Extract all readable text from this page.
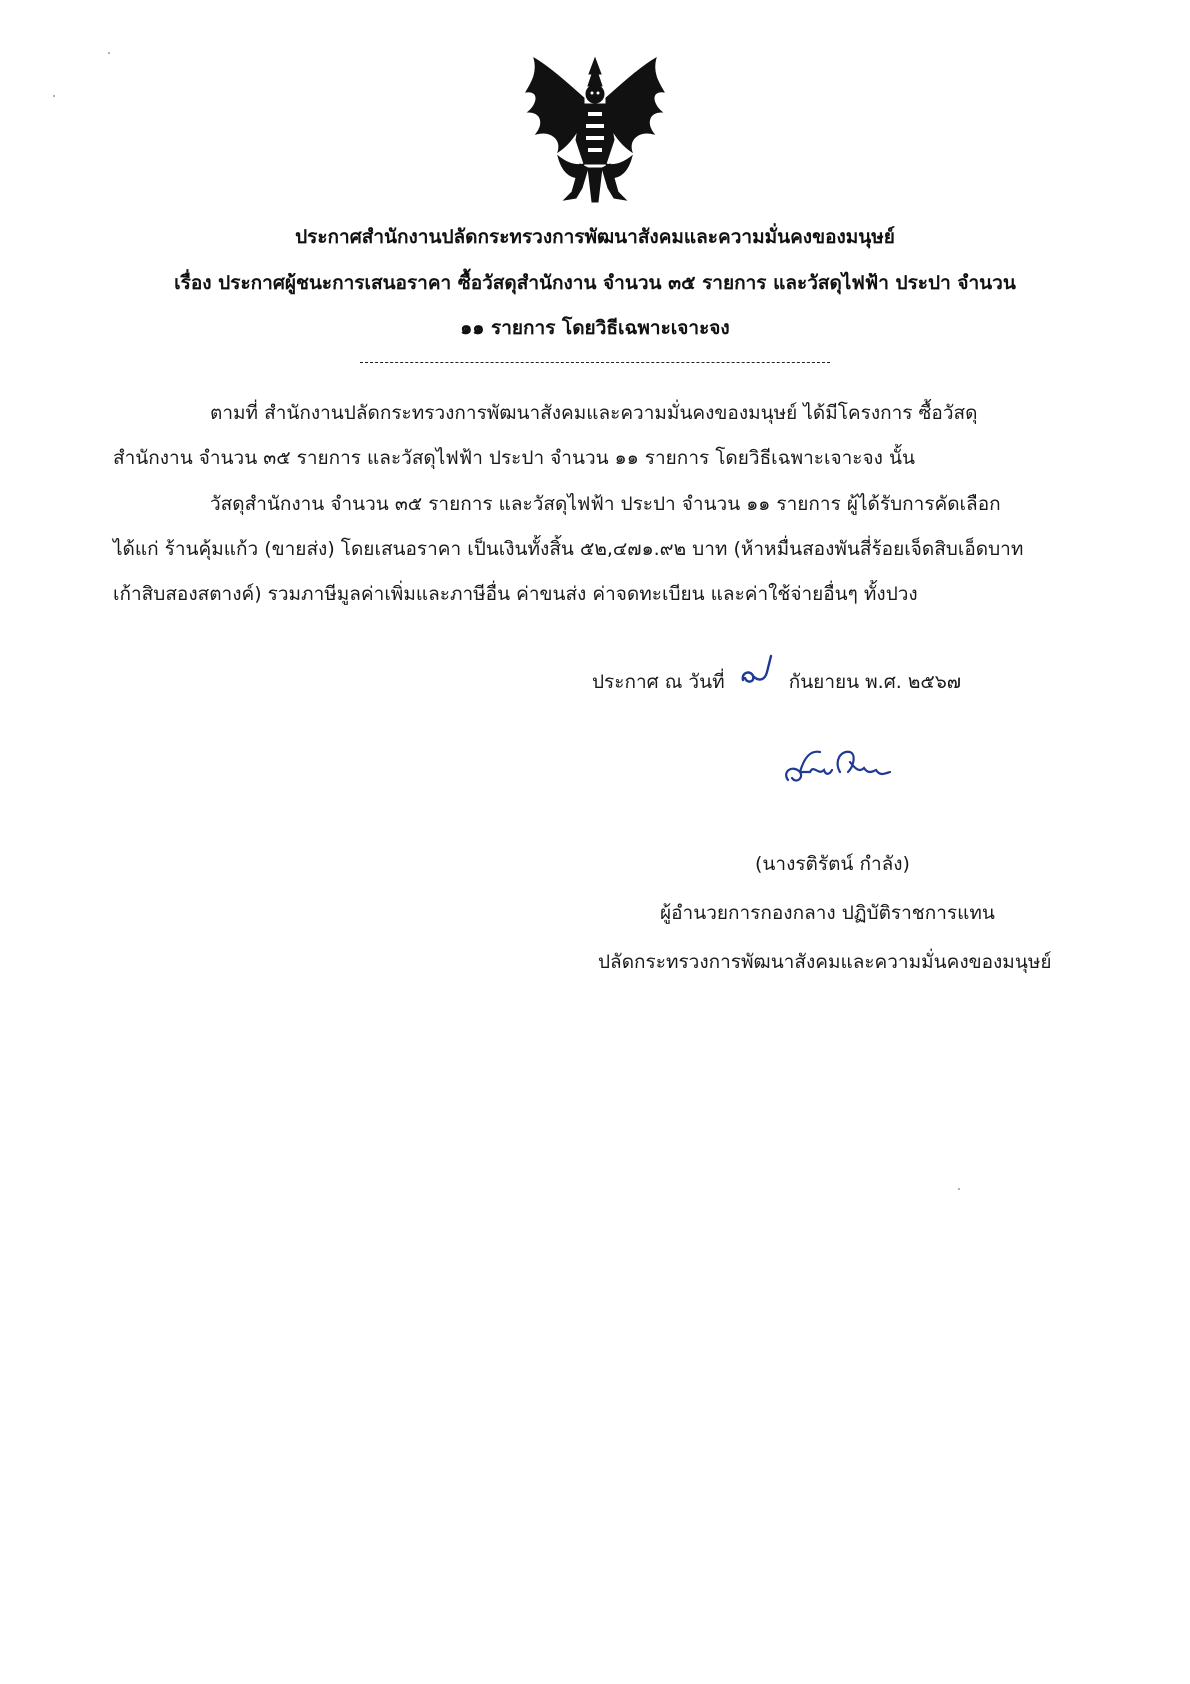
ประกาศสำนักงานปลัดกระทรวงการพัฒนาสังคมและความมั่นคงของมนุษย์
เรื่อง ประกาศผู้ชนะการเสนอราคา ซื้อวัสดุสำนักงาน จำนวน ๓๕ รายการ และวัสดุไฟฟ้า ประปา จำนวน
๑๑ รายการ โดยวิธีเฉพาะเจาะจง
ตามที่ สำนักงานปลัดกระทรวงการพัฒนาสังคมและความมั่นคงของมนุษย์ ได้มีโครงการ ซื้อวัสดุ
สำนักงาน จำนวน ๓๕ รายการ และวัสดุไฟฟ้า ประปา จำนวน ๑๑ รายการ โดยวิธีเฉพาะเจาะจง นั้น
วัสดุสำนักงาน จำนวน ๓๕ รายการ และวัสดุไฟฟ้า ประปา จำนวน ๑๑ รายการ ผู้ได้รับการคัดเลือก
ได้แก่ ร้านคุ้มแก้ว (ขายส่ง) โดยเสนอราคา เป็นเงินทั้งสิ้น ๕๒,๔๗๑.๙๒ บาท (ห้าหมื่นสองพันสี่ร้อยเจ็ดสิบเอ็ดบาท
เก้าสิบสองสตางค์) รวมภาษีมูลค่าเพิ่มและภาษีอื่น ค่าขนส่ง ค่าจดทะเบียน และค่าใช้จ่ายอื่นๆ ทั้งปวง
ประกาศ ณ วันที่	กันยายน พ.ศ. ๒๕๖๗
(นางรติรัตน์ กำลัง)
ผู้อำนวยการกองกลาง ปฏิบัติราชการแทน
ปลัดกระทรวงการพัฒนาสังคมและความมั่นคงของมนุษย์
